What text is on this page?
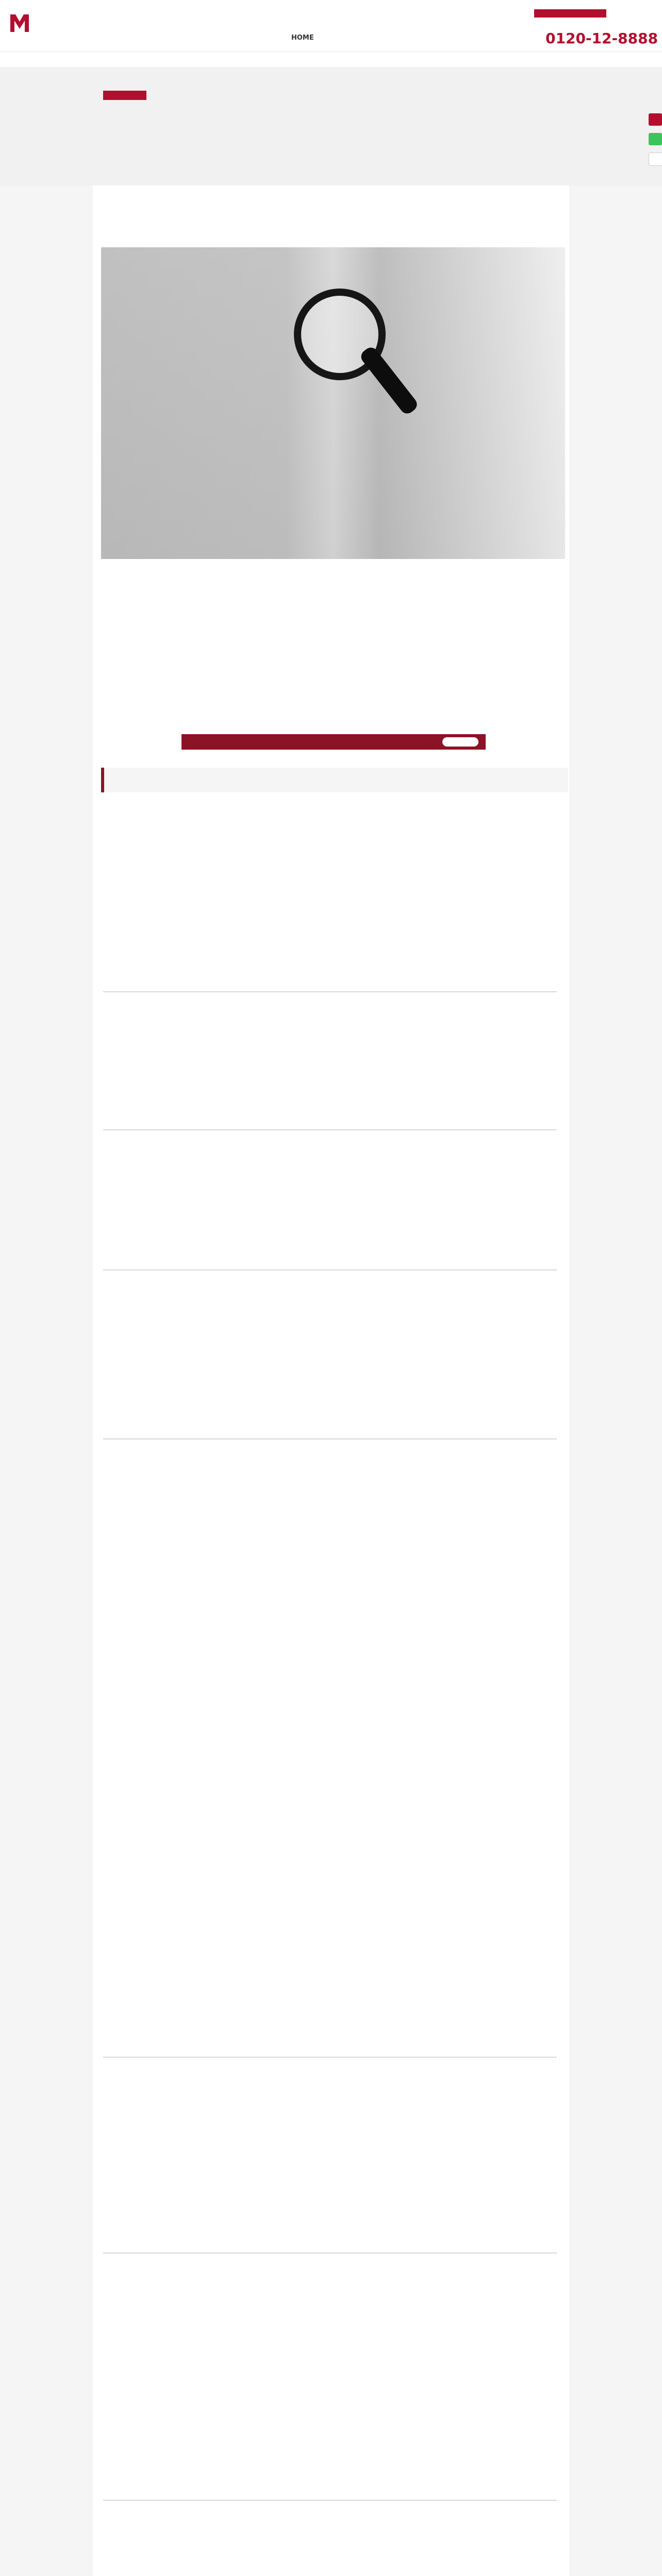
HOME	0120-12-8888
